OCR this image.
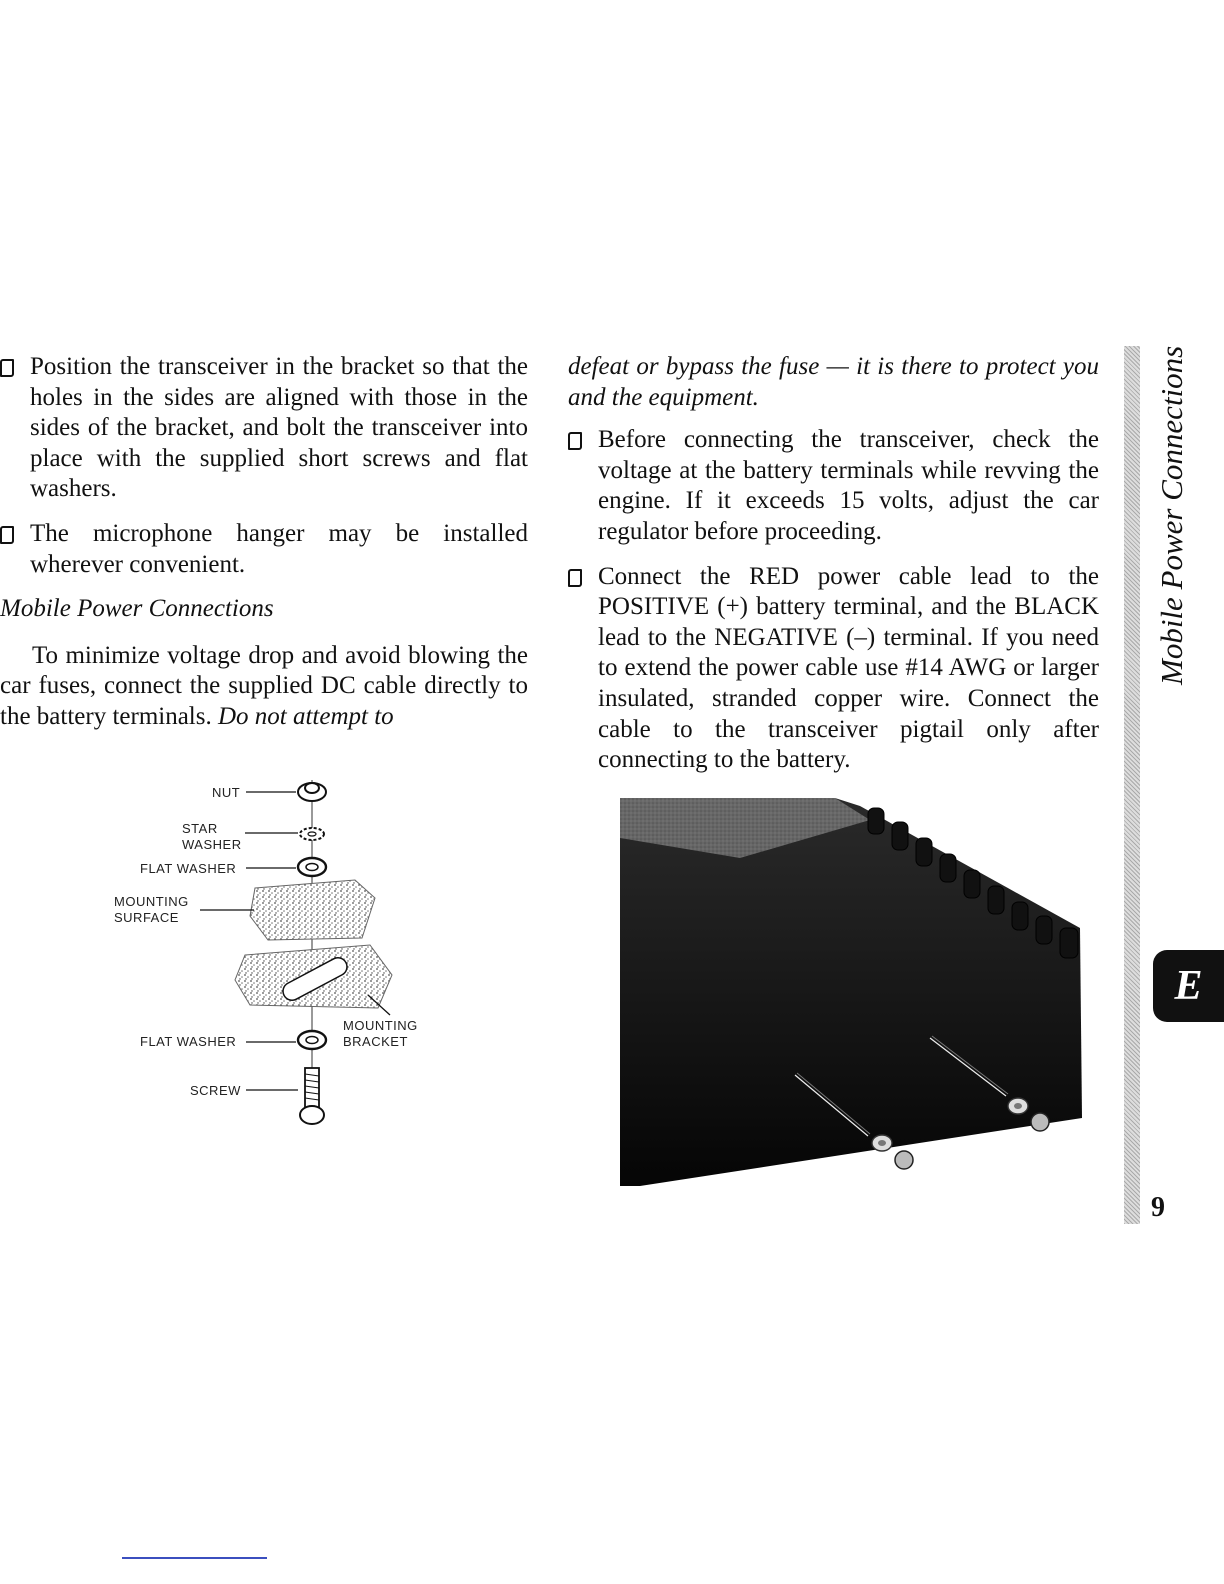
Position the transceiver in the bracket so that the holes in the sides are aligned with those in the sides of the bracket, and bolt the transceiver into place with the supplied short screws and flat washers.
The microphone hanger may be installed wherever convenient.
Mobile Power Connections
To minimize voltage drop and avoid blowing the car fuses, connect the supplied DC cable directly to the battery terminals. Do not attempt to
defeat or bypass the fuse — it is there to protect you and the equipment.
Before connecting the transceiver, check the voltage at the battery terminals while revving the engine. If it exceeds 15 volts, adjust the car regulator before proceeding.
Connect the RED power cable lead to the POSITIVE (+) battery terminal, and the BLACK lead to the NEGATIVE (–) terminal. If you need to extend the power cable use #14 AWG or larger insulated, stranded copper wire. Connect the cable to the transceiver pigtail only after connecting to the battery.
NUT
STAR
WASHER
FLAT WASHER
MOUNTING
SURFACE
MOUNTING
BRACKET
FLAT WASHER
SCREW
Mobile Power Connections
E
9
